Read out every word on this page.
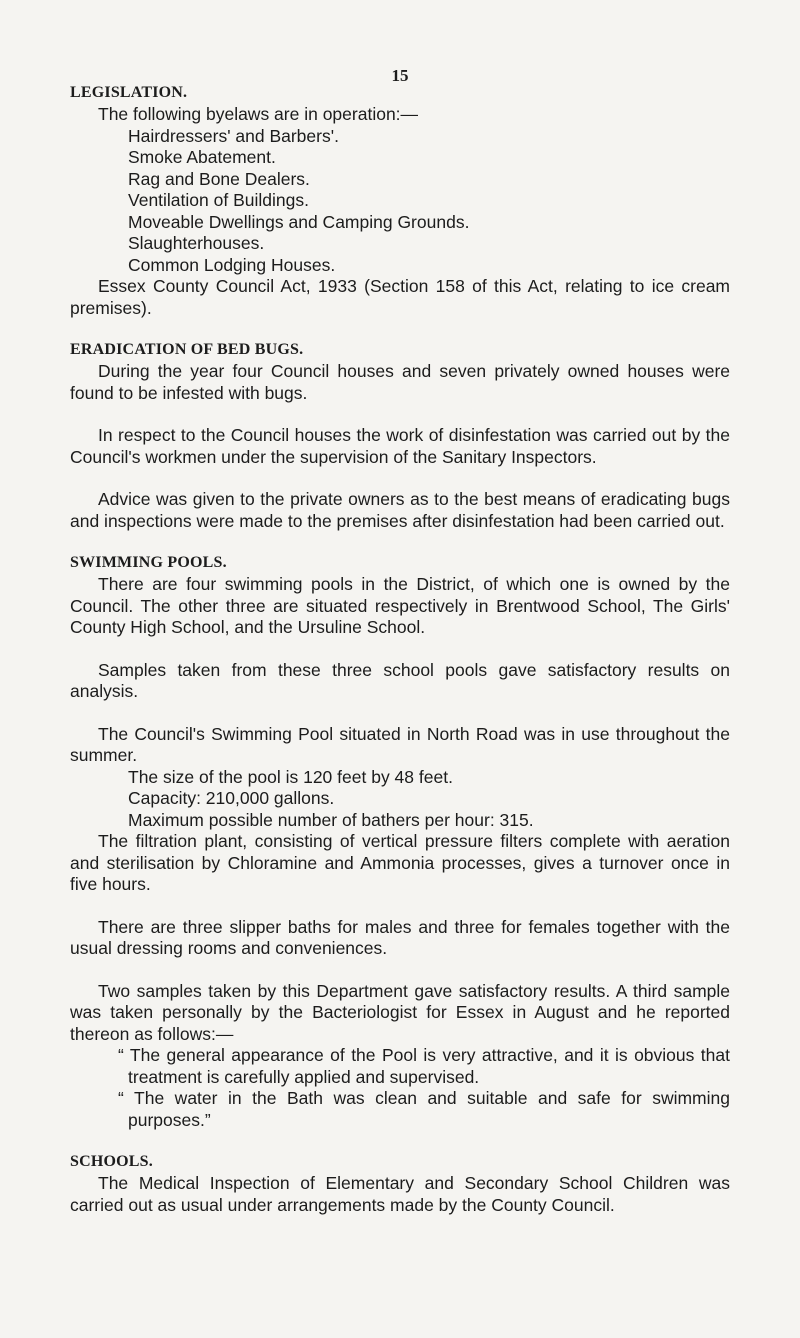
15
LEGISLATION.

The following byelaws are in operation:—

Hairdressers' and Barbers'.
Smoke Abatement.
Rag and Bone Dealers.
Ventilation of Buildings.
Moveable Dwellings and Camping Grounds.
Slaughterhouses.
Common Lodging Houses.

Essex County Council Act, 1933 (Section 158 of this Act, relating to ice cream premises).

ERADICATION OF BED BUGS.

During the year four Council houses and seven privately owned houses were found to be infested with bugs.

In respect to the Council houses the work of disinfestation was carried out by the Council's workmen under the supervision of the Sanitary Inspectors.

Advice was given to the private owners as to the best means of eradicating bugs and inspections were made to the premises after disinfestation had been carried out.

SWIMMING POOLS.

There are four swimming pools in the District, of which one is owned by the Council. The other three are situated respectively in Brentwood School, The Girls' County High School, and the Ursuline School.

Samples taken from these three school pools gave satisfactory results on analysis.

The Council's Swimming Pool situated in North Road was in use throughout the summer.

The size of the pool is 120 feet by 48 feet.

Capacity: 210,000 gallons.

Maximum possible number of bathers per hour: 315.

The filtration plant, consisting of vertical pressure filters complete with aeration and sterilisation by Chloramine and Ammonia processes, gives a turnover once in five hours.

There are three slipper baths for males and three for females together with the usual dressing rooms and conveniences.

Two samples taken by this Department gave satisfactory results. A third sample was taken personally by the Bacteriologist for Essex in August and he reported thereon as follows:—

“ The general appearance of the Pool is very attractive, and it is obvious that treatment is carefully applied and supervised.

“ The water in the Bath was clean and suitable and safe for swimming purposes.”

SCHOOLS.

The Medical Inspection of Elementary and Secondary School Children was carried out as usual under arrangements made by the County Council.
